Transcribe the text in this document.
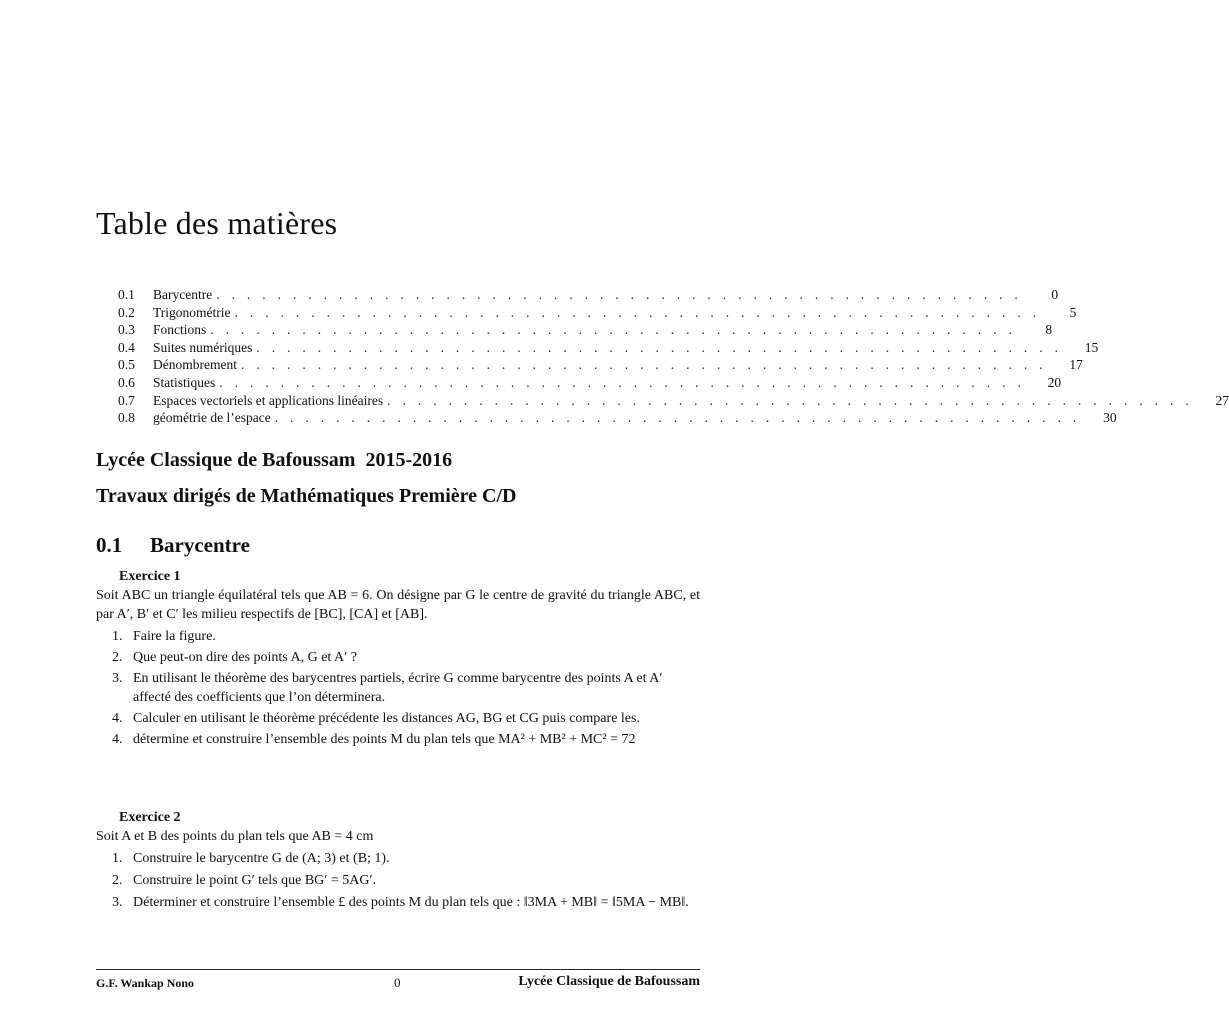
Table des matières
0.1	Barycentre . . . . . . . . . . . . . . . . . . . . . . . . . . . . . . . . . . . . . . . . . . . . . . . . . . . . .	0
0.2	Trigonométrie . . . . . . . . . . . . . . . . . . . . . . . . . . . . . . . . . . . . . . . . . . . . . . . . . . . . .	5
0.3	Fonctions . . . . . . . . . . . . . . . . . . . . . . . . . . . . . . . . . . . . . . . . . . . . . . . . . . . . .	8
0.4	Suites numériques . . . . . . . . . . . . . . . . . . . . . . . . . . . . . . . . . . . . . . . . . . . . . . . . . . . . .	15
0.5	Dénombrement . . . . . . . . . . . . . . . . . . . . . . . . . . . . . . . . . . . . . . . . . . . . . . . . . . . . .	17
0.6	Statistiques . . . . . . . . . . . . . . . . . . . . . . . . . . . . . . . . . . . . . . . . . . . . . . . . . . . . .	20
0.7	Espaces vectoriels et applications linéaires . . . . . . . . . . . . . . . . . . . . . . . . . . . . . . . . . . . . . . . . . . . . . . . . . . . . .	27
0.8	géométrie de l’espace . . . . . . . . . . . . . . . . . . . . . . . . . . . . . . . . . . . . . . . . . . . . . . . . . . . . .	30
Lycée Classique de Bafoussam 2015-2016
Travaux dirigés de Mathématiques Première C/D
0.1 Barycentre
Exercice 1
Soit ABC un triangle équilatéral tels que AB = 6. On désigne par G le centre de gravité du triangle ABC, et par A′, B′ et C′ les milieu respectifs de [BC], [CA] et [AB].
1. Faire la figure.
2. Que peut-on dire des points A, G et A′ ?
3. En utilisant le théorème des barycentres partiels, écrire G comme barycentre des points A et A′ affecté des coefficients que l’on déterminera.
4. Calculer en utilisant le théorème précédente les distances AG, BG et CG puis compare les.
4. détermine et construire l’ensemble des points M du plan tels que MA² + MB² + MC² = 72
Exercice 2
Soit A et B des points du plan tels que AB = 4 cm
1. Construire le barycentre G de (A; 3) et (B; 1).
2. Construire le point G′ tels que BG′ = 5AG′.
3. Déterminer et construire l’ensemble £ des points M du plan tels que : ‖3MA + MB‖ = ‖5MA − MB‖.
G.F. Wankap Nono	0	Lycée Classique de Bafoussam
